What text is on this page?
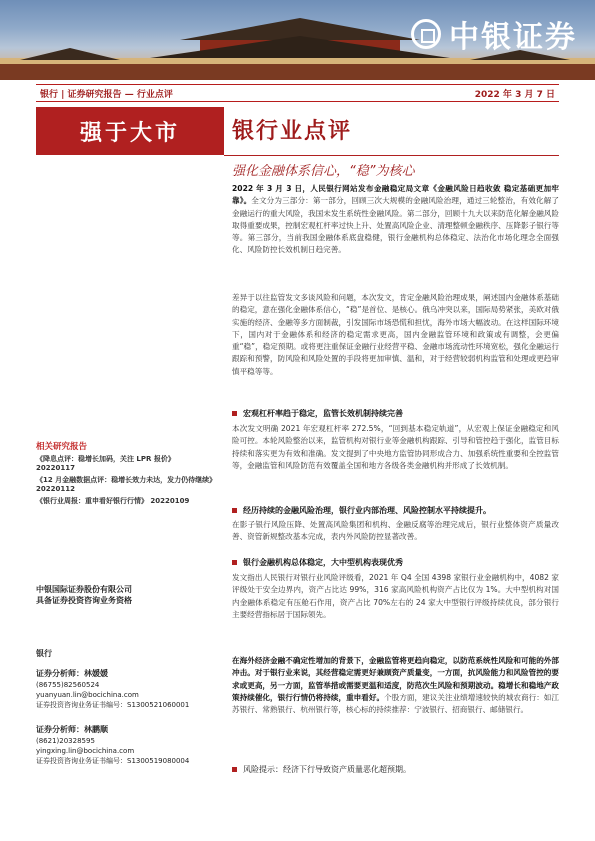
中银证券
银行 | 证券研究报告 — 行业点评	2022 年 3 月 7 日
强于大市	银行业点评
强化金融体系信心，“稳”为核心
2022 年 3 月 3 日，人民银行网站发布金融稳定局文章《金融风险日趋收敛 稳定基础更加牢靠》。全文分为三部分：第一部分，回顾三次大规模的金融风险治理，通过三轮整治，有效化解了金融运行的重大风险，我国未发生系统性金融风险。第二部分，回顾十九大以来防范化解金融风险取得重要成果，控制宏观杠杆率过快上升、处置高风险企业、清理整顿金融秩序、压降影子银行等等。第三部分，当前我国金融体系底盘稳健，银行金融机构总体稳定、法治化市场化理念全面强化、风险防控长效机制日趋完善。
差异于以往监管发文多谈风险和问题，本次发文，肯定金融风险治理成果，阐述国内金融体系基础的稳定，意在强化金融体系信心，“稳”是首位、是核心。俄乌冲突以来，国际局势紧张，美欧对俄实施的经济、金融等多方面制裁，引发国际市场恐慌和担忧，海外市场大幅波动。在这样国际环境下，国内对于金融体系和经济的稳定需求更高，国内金融监管环境和政策或有调整，会更偏重“稳”，稳定预期。或将更注重保证金融行业经营平稳、金融市场流动性环境宽松，强化金融运行跟踪和预警，防风险和风险处置的手段将更加审慎、温和，对于经营较弱机构监管和处理或更趋审慎平稳等等。
宏观杠杆率趋于稳定，监管长效机制持续完善
本次发文明确 2021 年宏观杠杆率 272.5%，“回到基本稳定轨道”，从宏观上保证金融稳定和风险可控。本轮风险整治以来，监管机构对银行业等金融机构跟踪、引导和管控趋于强化，监管目标持续和落实更为有效和准确。发文提到了中央地方监管协同形成合力、加强系统性重要和全控监管等，金融监管和风险防范有效覆盖全国和地方各级各类金融机构并形成了长效机制。
经历持续的金融风险治理，银行业内部治理、风险控制水平持续提升。
在影子银行风险压降、处置高风险集团和机构、金融反腐等治理完成后，银行业整体资产质量改善、资管新规整改基本完成，表内外风险防控显著改善。
银行金融机构总体稳定，大中型机构表现优秀
发文指出人民银行对银行业风险评级看，2021 年 Q4 全国 4398 家银行业金融机构中，4082 家评级处于安全边界内，资产占比达 99%，316 家高风险机构资产占比仅为 1%。大中型机构对国内金融体系稳定有压舱石作用，资产占比 70%左右的 24 家大中型银行评级持续优良，部分银行主要经营指标居于国际领先。
在海外经济金融不确定性增加的背景下，金融监管将更趋向稳定，以防范系统性风险和可能的外部冲击。对于银行业来说，其经营稳定需更好兼顾资产质量变，一方面，抗风险能力和风险管控的要求或更高，另一方面，监管举措或需要更温和适度，防范次生风险和预期波动。稳增长和稳地产政策持续催化，银行行情仍将持续，重申看好。个股方面，建议关注业绩增速较快的城农商行：如江苏银行、常熟银行、杭州银行等，核心标的持续推荐：宁波银行、招商银行、邮储银行。
风险提示：经济下行导致资产质量恶化超预期。
相关研究报告
《降息点评：稳增长加码，关注 LPR 报价》 20220117
《12 月金融数据点评：稳增长效力未达，发力仍待继续》20220112
《银行业周报：重申看好银行行情》 20220109
中银国际证券股份有限公司
具备证券投资咨询业务资格
银行
证券分析师：林媛媛
(86755)82560524
yuanyuan.lin@bocichina.com
证券投资咨询业务证书编号：S1300521060001
证券分析师：林鹏顺
(8621)20328595
yingxing.lin@bocichina.com
证券投资咨询业务证书编号：S1300519080004
